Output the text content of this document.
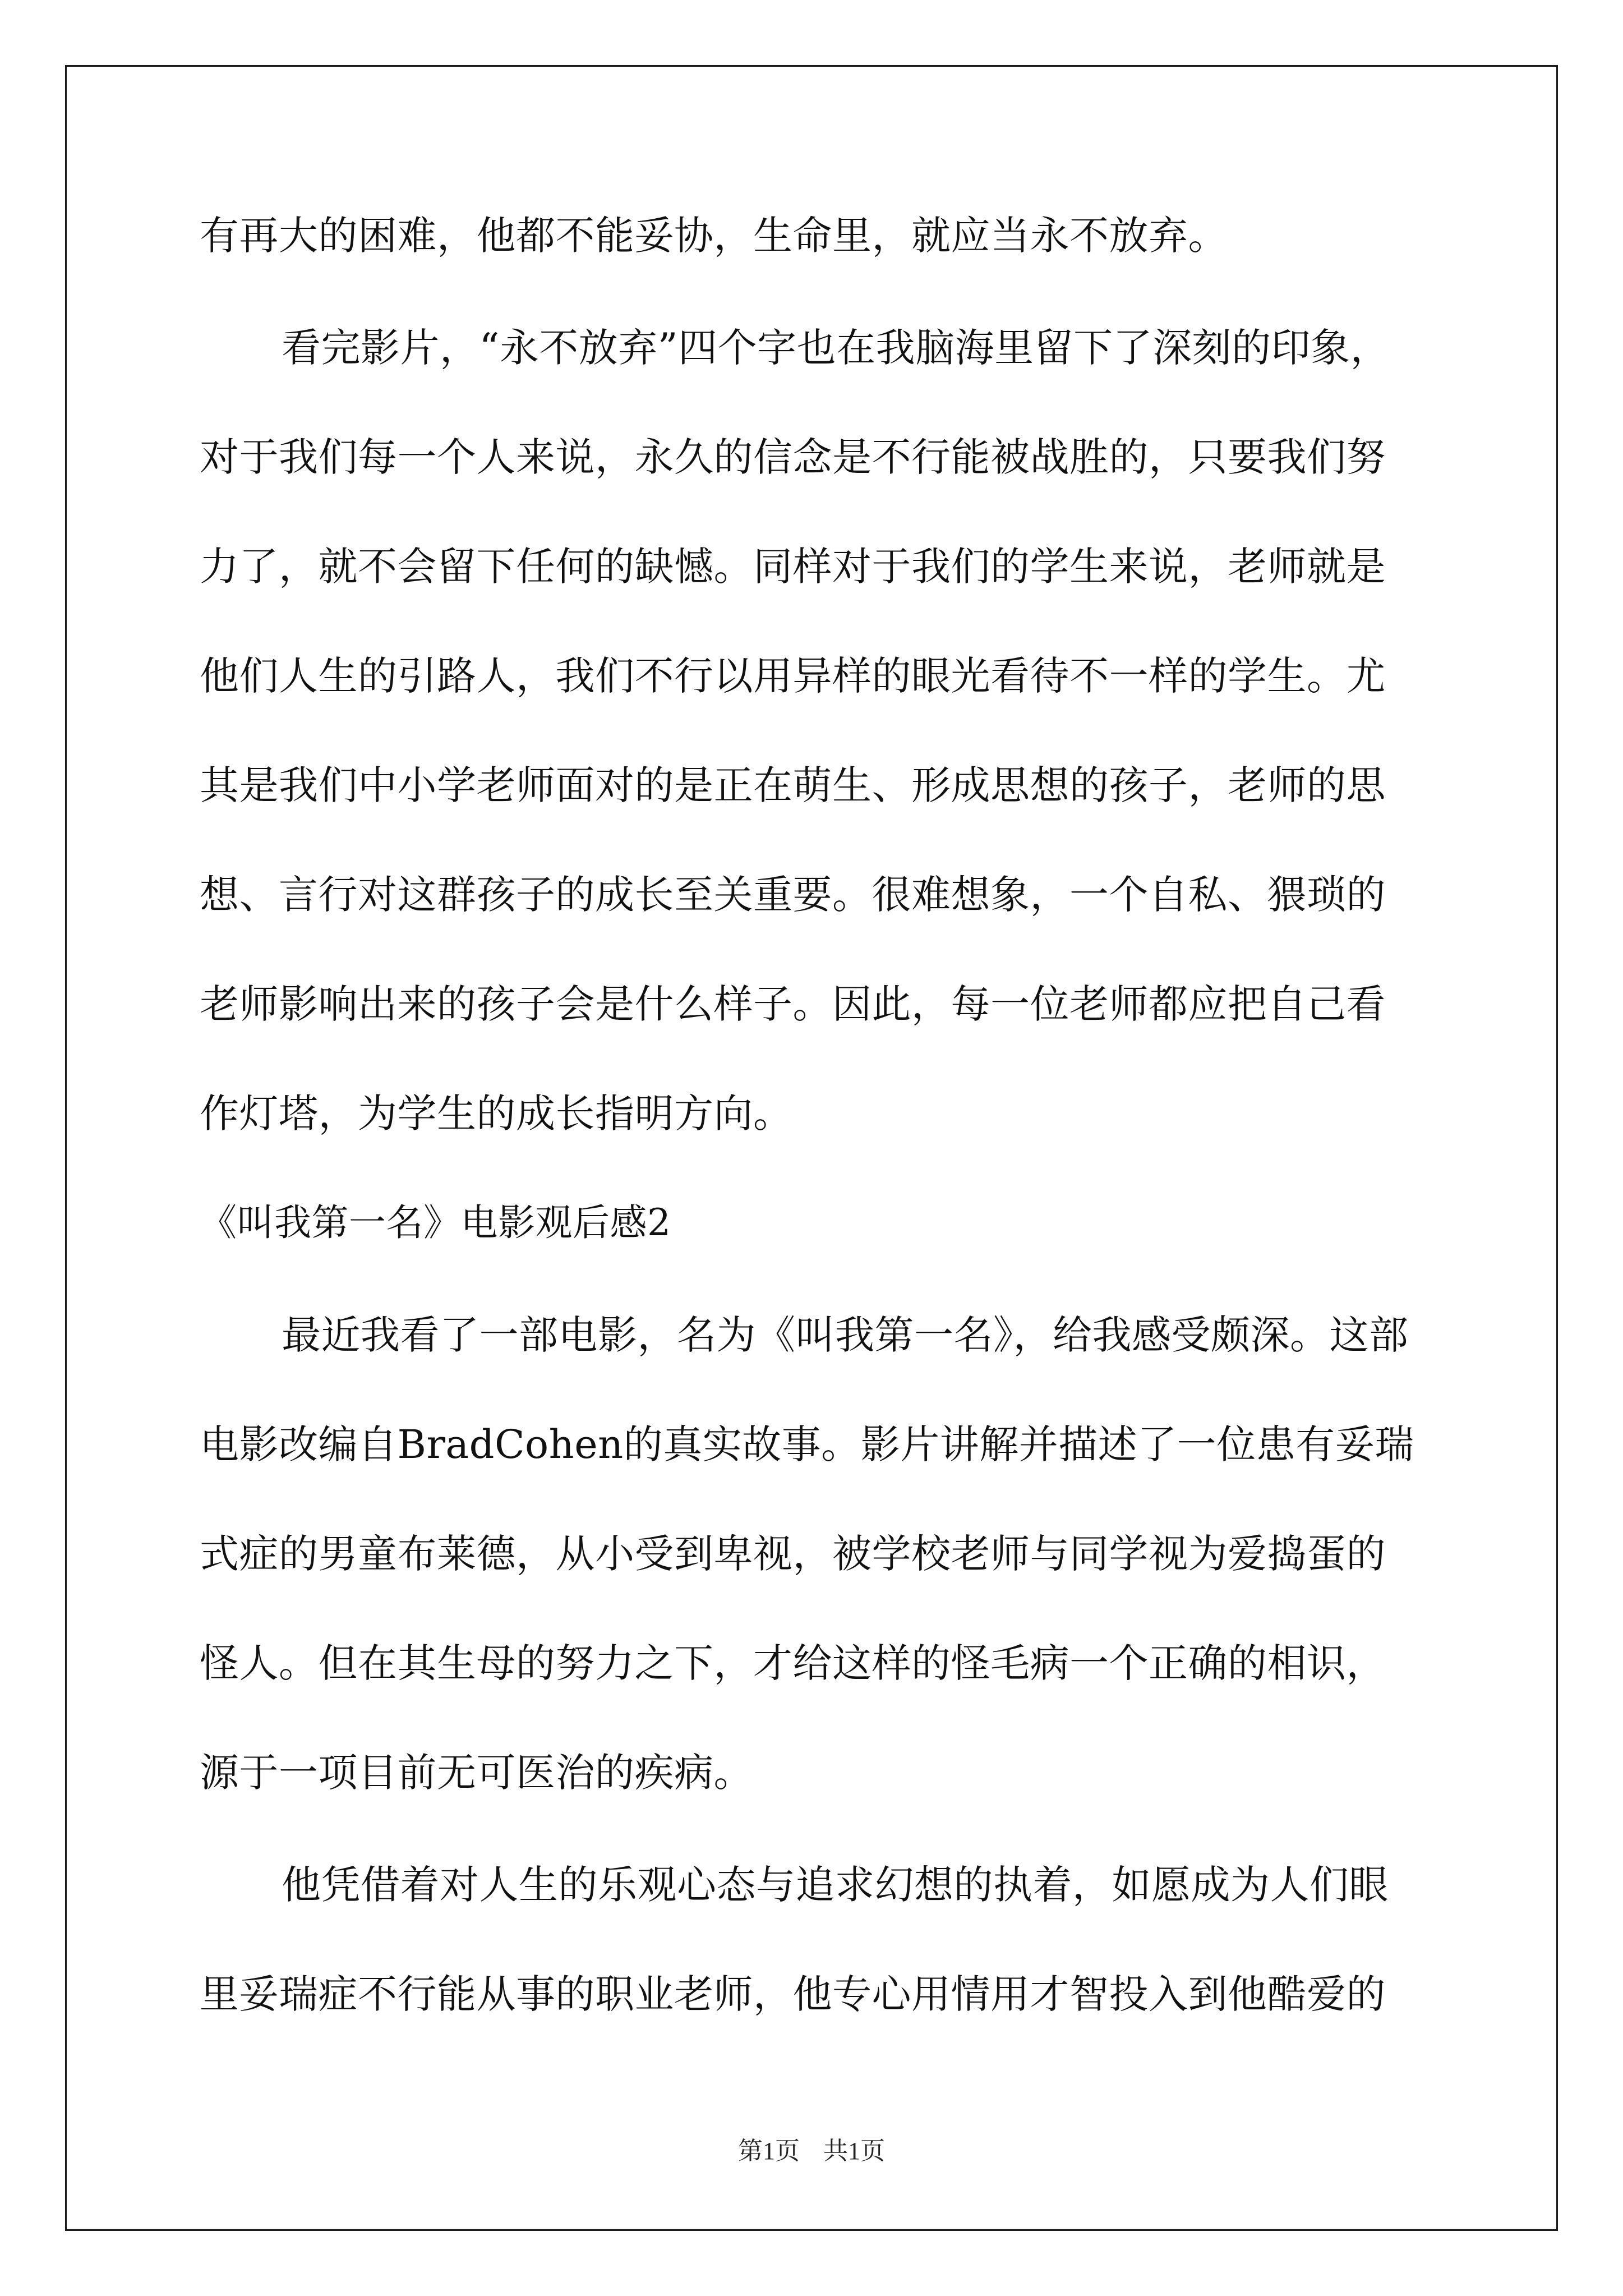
有再大的困难，他都不能妥协，生命里，就应当永不放弃。
看完影片，“永不放弃”四个字也在我脑海里留下了深刻的印象，
对于我们每一个人来说，永久的信念是不行能被战胜的，只要我们努
力了，就不会留下任何的缺憾。同样对于我们的学生来说，老师就是
他们人生的引路人，我们不行以用异样的眼光看待不一样的学生。尤
其是我们中小学老师面对的是正在萌生、形成思想的孩子，老师的思
想、言行对这群孩子的成长至关重要。很难想象，一个自私、猥琐的
老师影响出来的孩子会是什么样子。因此，每一位老师都应把自己看
作灯塔，为学生的成长指明方向。
《叫我第一名》电影观后感2
最近我看了一部电影，名为《叫我第一名》，给我感受颇深。这部
电影改编自BradCohen的真实故事。影片讲解并描述了一位患有妥瑞
式症的男童布莱德，从小受到卑视，被学校老师与同学视为爱捣蛋的
怪人。但在其生母的努力之下，才给这样的怪毛病一个正确的相识，
源于一项目前无可医治的疾病。
他凭借着对人生的乐观心态与追求幻想的执着，如愿成为人们眼
里妥瑞症不行能从事的职业老师，他专心用情用才智投入到他酷爱的
第1页 共1页
